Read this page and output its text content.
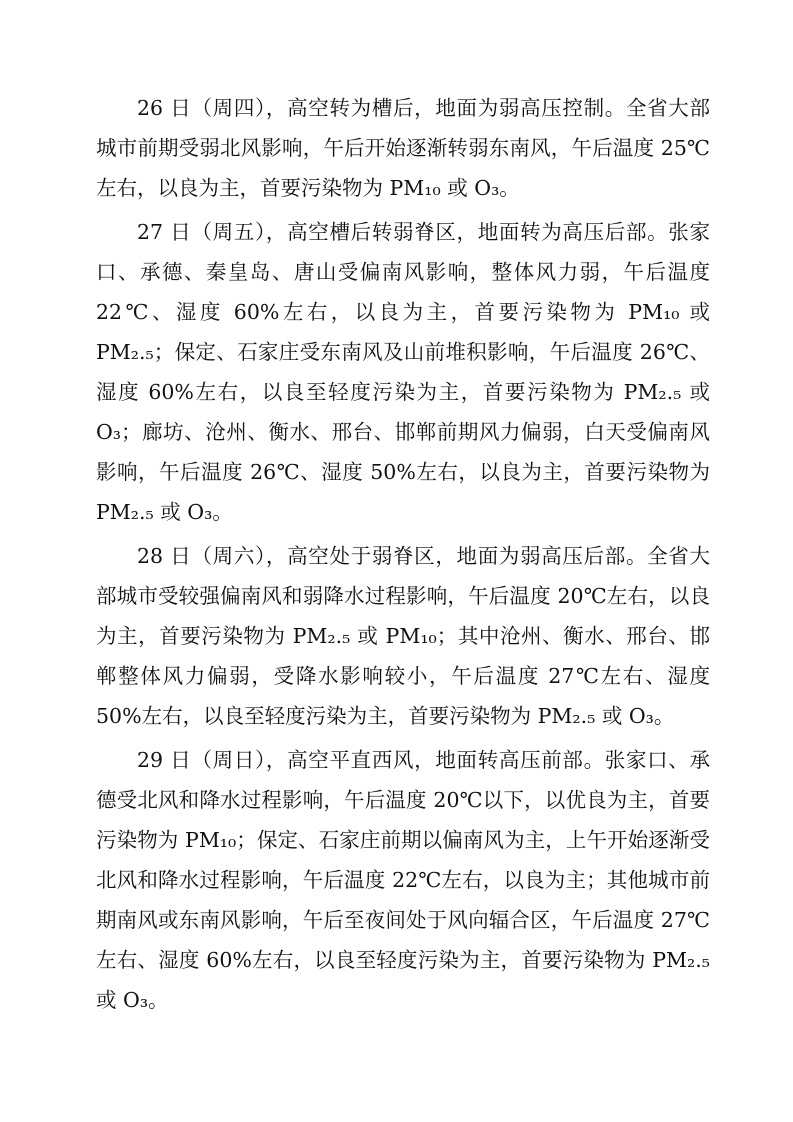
26 日（周四），高空转为槽后，地面为弱高压控制。全省大部城市前期受弱北风影响，午后开始逐渐转弱东南风，午后温度 25℃左右，以良为主，首要污染物为 PM₁₀ 或 O₃。

27 日（周五），高空槽后转弱脊区，地面转为高压后部。张家口、承德、秦皇岛、唐山受偏南风影响，整体风力弱，午后温度 22℃、湿度 60%左右，以良为主，首要污染物为 PM₁₀ 或 PM₂.₅；保定、石家庄受东南风及山前堆积影响，午后温度 26℃、湿度 60%左右，以良至轻度污染为主，首要污染物为 PM₂.₅ 或 O₃；廊坊、沧州、衡水、邢台、邯郸前期风力偏弱，白天受偏南风影响，午后温度 26℃、湿度 50%左右，以良为主，首要污染物为 PM₂.₅ 或 O₃。

28 日（周六），高空处于弱脊区，地面为弱高压后部。全省大部城市受较强偏南风和弱降水过程影响，午后温度 20℃左右，以良为主，首要污染物为 PM₂.₅ 或 PM₁₀；其中沧州、衡水、邢台、邯郸整体风力偏弱，受降水影响较小，午后温度 27℃左右、湿度 50%左右，以良至轻度污染为主，首要污染物为 PM₂.₅ 或 O₃。

29 日（周日），高空平直西风，地面转高压前部。张家口、承德受北风和降水过程影响，午后温度 20℃以下，以优良为主，首要污染物为 PM₁₀；保定、石家庄前期以偏南风为主，上午开始逐渐受北风和降水过程影响，午后温度 22℃左右，以良为主；其他城市前期南风或东南风影响，午后至夜间处于风向辐合区，午后温度 27℃左右、湿度 60%左右，以良至轻度污染为主，首要污染物为 PM₂.₅ 或 O₃。
